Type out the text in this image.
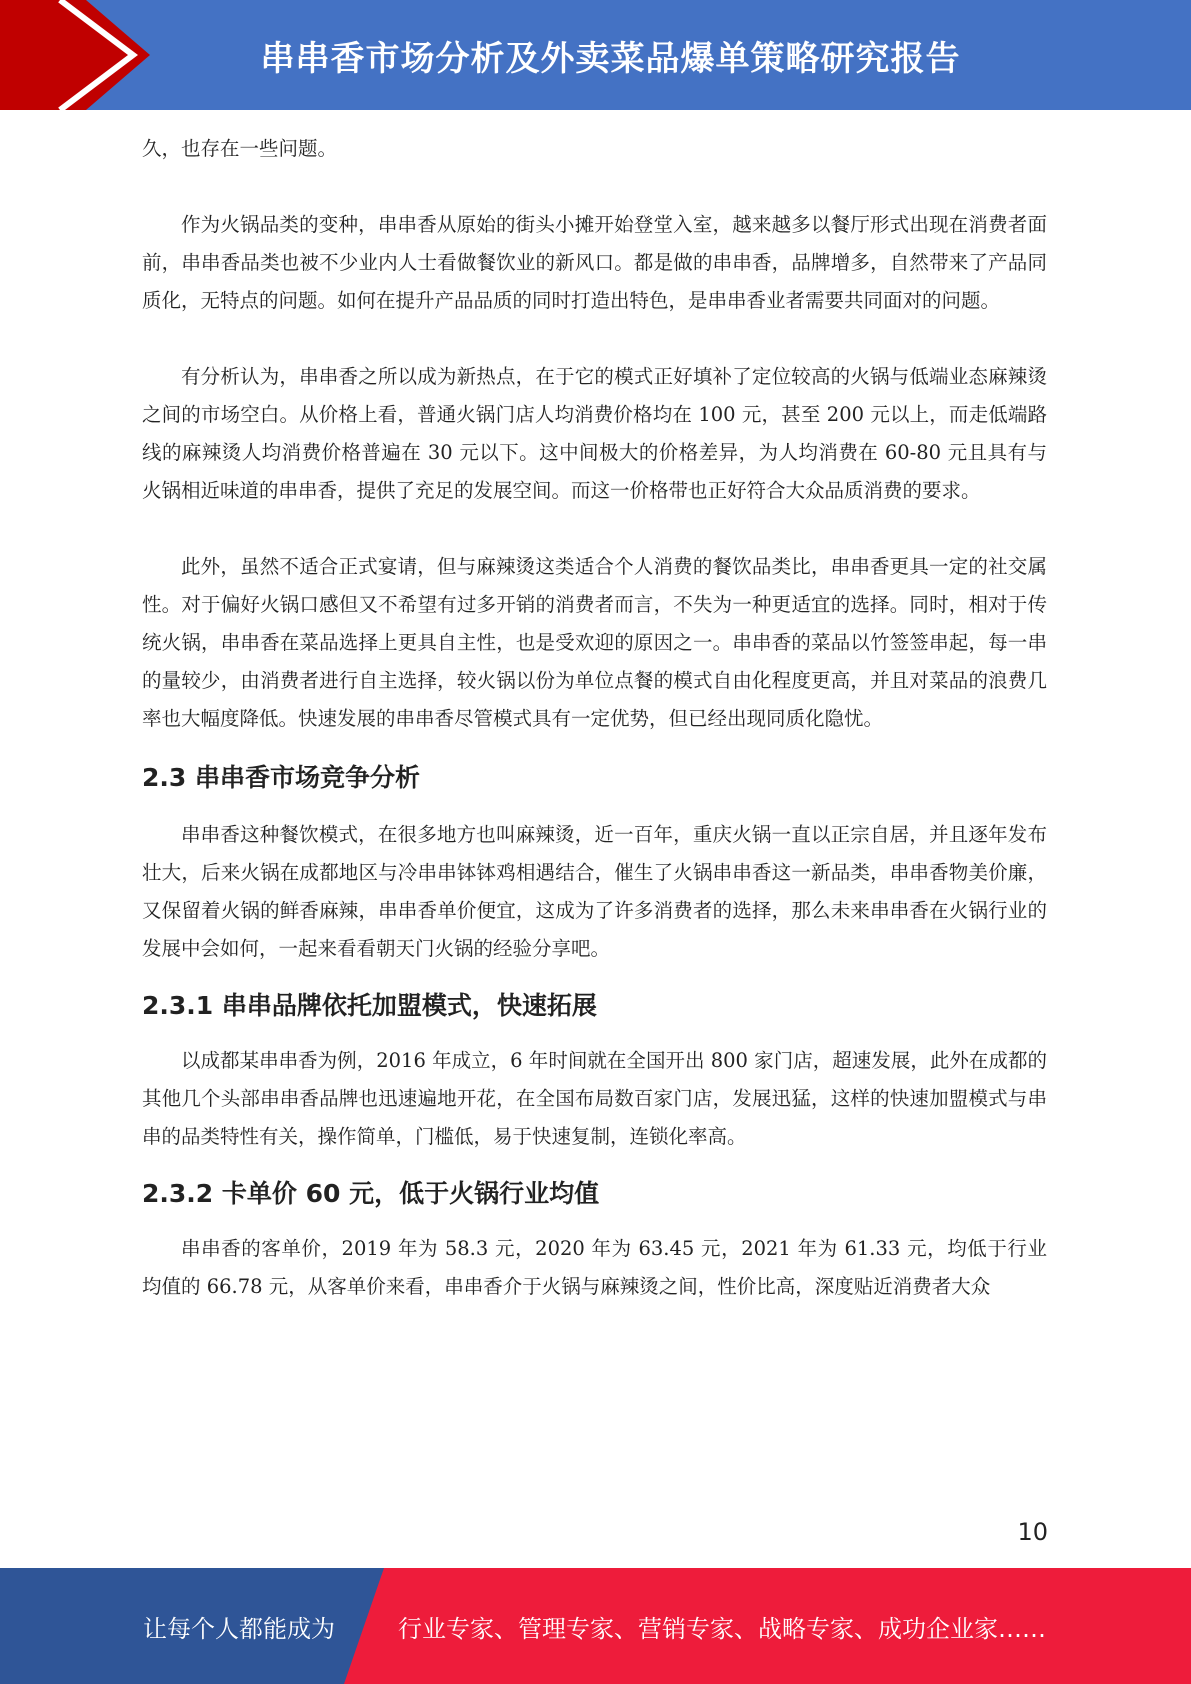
串串香市场分析及外卖菜品爆单策略研究报告

久，也存在一些问题。

作为火锅品类的变种，串串香从原始的街头小摊开始登堂入室，越来越多以餐厅形式出现在消费者面前，串串香品类也被不少业内人士看做餐饮业的新风口。都是做的串串香，品牌增多，自然带来了产品同质化，无特点的问题。如何在提升产品品质的同时打造出特色，是串串香业者需要共同面对的问题。

有分析认为，串串香之所以成为新热点，在于它的模式正好填补了定位较高的火锅与低端业态麻辣烫之间的市场空白。从价格上看，普通火锅门店人均消费价格均在 100 元，甚至 200 元以上，而走低端路线的麻辣烫人均消费价格普遍在 30 元以下。这中间极大的价格差异，为人均消费在 60-80 元且具有与火锅相近味道的串串香，提供了充足的发展空间。而这一价格带也正好符合大众品质消费的要求。

此外，虽然不适合正式宴请，但与麻辣烫这类适合个人消费的餐饮品类比，串串香更具一定的社交属性。对于偏好火锅口感但又不希望有过多开销的消费者而言，不失为一种更适宜的选择。同时，相对于传统火锅，串串香在菜品选择上更具自主性，也是受欢迎的原因之一。串串香的菜品以竹签签串起，每一串的量较少，由消费者进行自主选择，较火锅以份为单位点餐的模式自由化程度更高，并且对菜品的浪费几率也大幅度降低。快速发展的串串香尽管模式具有一定优势，但已经出现同质化隐忧。

2.3 串串香市场竞争分析

串串香这种餐饮模式，在很多地方也叫麻辣烫，近一百年，重庆火锅一直以正宗自居，并且逐年发布壮大，后来火锅在成都地区与冷串串钵钵鸡相遇结合，催生了火锅串串香这一新品类，串串香物美价廉，又保留着火锅的鲜香麻辣，串串香单价便宜，这成为了许多消费者的选择，那么未来串串香在火锅行业的发展中会如何，一起来看看朝天门火锅的经验分享吧。

2.3.1 串串品牌依托加盟模式，快速拓展

以成都某串串香为例，2016 年成立，6 年时间就在全国开出 800 家门店，超速发展，此外在成都的其他几个头部串串香品牌也迅速遍地开花，在全国布局数百家门店，发展迅猛，这样的快速加盟模式与串串的品类特性有关，操作简单，门槛低，易于快速复制，连锁化率高。

2.3.2 卡单价 60 元，低于火锅行业均值

串串香的客单价，2019 年为 58.3 元，2020 年为 63.45 元，2021 年为 61.33 元，均低于行业均值的 66.78 元，从客单价来看，串串香介于火锅与麻辣烫之间，性价比高，深度贴近消费者大众

10
让每个人都能成为	行业专家、管理专家、营销专家、战略专家、成功企业家……
